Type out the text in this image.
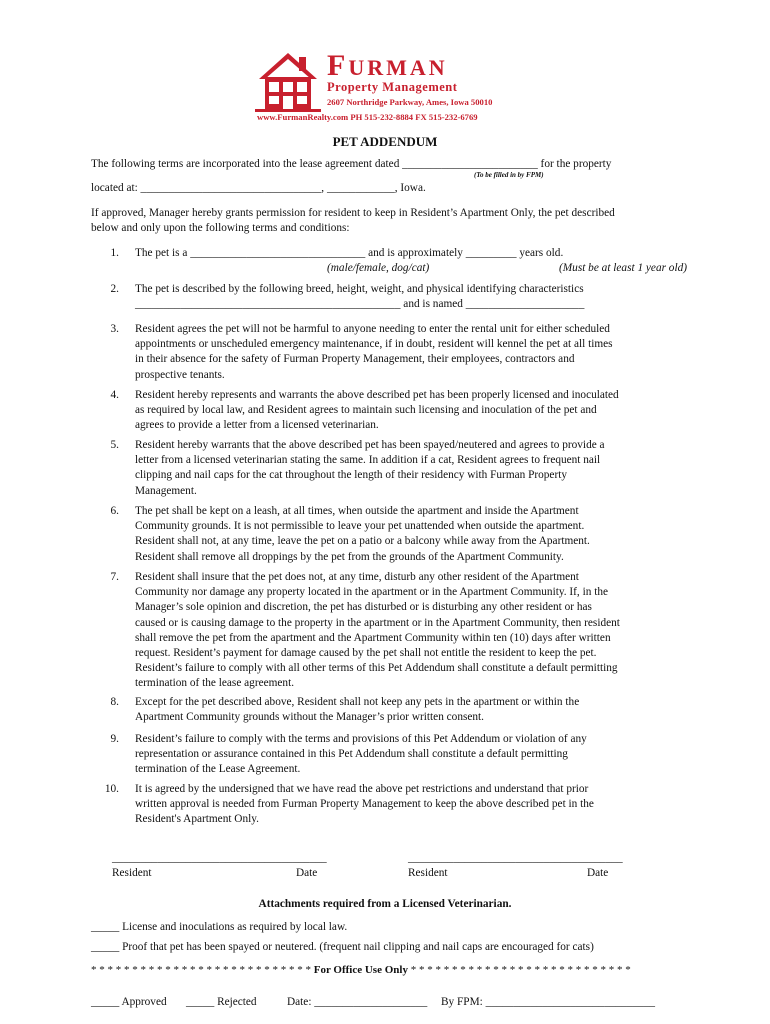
FURMAN
Property Management
2607 Northridge Parkway, Ames, Iowa 50010
www.FurmanRealty.com PH 515-232-8884 FX 515-232-6769
PET ADDENDUM
The following terms are incorporated into the lease agreement dated ________________________ for the property
(To be filled in by FPM)
located at: ________________________________, ____________, Iowa.
If approved, Manager hereby grants permission for resident to keep in Resident’s Apartment Only, the pet described
below and only upon the following terms and conditions:
1. The pet is a _______________________________ and is approximately _________ years old.
(male/female, dog/cat)	(Must be at least 1 year old)
2. The pet is described by the following breed, height, weight, and physical identifying characteristics
_______________________________________________ and is named _____________________
3. Resident agrees the pet will not be harmful to anyone needing to enter the rental unit for either scheduled
appointments or unscheduled emergency maintenance, if in doubt, resident will kennel the pet at all times
in their absence for the safety of Furman Property Management, their employees, contractors and
prospective tenants.
4. Resident hereby represents and warrants the above described pet has been properly licensed and inoculated
as required by local law, and Resident agrees to maintain such licensing and inoculation of the pet and
agrees to provide a letter from a licensed veterinarian.
5. Resident hereby warrants that the above described pet has been spayed/neutered and agrees to provide a
letter from a licensed veterinarian stating the same. In addition if a cat, Resident agrees to frequent nail
clipping and nail caps for the cat throughout the length of their residency with Furman Property
Management.
6. The pet shall be kept on a leash, at all times, when outside the apartment and inside the Apartment
Community grounds. It is not permissible to leave your pet unattended when outside the apartment.
Resident shall not, at any time, leave the pet on a patio or a balcony while away from the Apartment.
Resident shall remove all droppings by the pet from the grounds of the Apartment Community.
7. Resident shall insure that the pet does not, at any time, disturb any other resident of the Apartment
Community nor damage any property located in the apartment or in the Apartment Community. If, in the
Manager’s sole opinion and discretion, the pet has disturbed or is disturbing any other resident or has
caused or is causing damage to the property in the apartment or in the Apartment Community, then resident
shall remove the pet from the apartment and the Apartment Community within ten (10) days after written
request. Resident’s payment for damage caused by the pet shall not entitle the resident to keep the pet.
Resident’s failure to comply with all other terms of this Pet Addendum shall constitute a default permitting
termination of the lease agreement.
8. Except for the pet described above, Resident shall not keep any pets in the apartment or within the
Apartment Community grounds without the Manager’s prior written consent.
9. Resident’s failure to comply with the terms and provisions of this Pet Addendum or violation of any
representation or assurance contained in this Pet Addendum shall constitute a default permitting
termination of the Lease Agreement.
10. It is agreed by the undersigned that we have read the above pet restrictions and understand that prior
written approval is needed from Furman Property Management to keep the above described pet in the
Resident's Apartment Only.
______________________________________
Resident	Date
______________________________________
Resident	Date
Attachments required from a Licensed Veterinarian.
_____ License and inoculations as required by local law.
_____ Proof that pet has been spayed or neutered. (frequent nail clipping and nail caps are encouraged for cats)
* * * * * * * * * * * * * * * * * * * * * * * * * * * For Office Use Only * * * * * * * * * * * * * * * * * * * * * * * * * * *
_____ Approved _____ Rejected	Date: ____________________ By FPM: ______________________________
